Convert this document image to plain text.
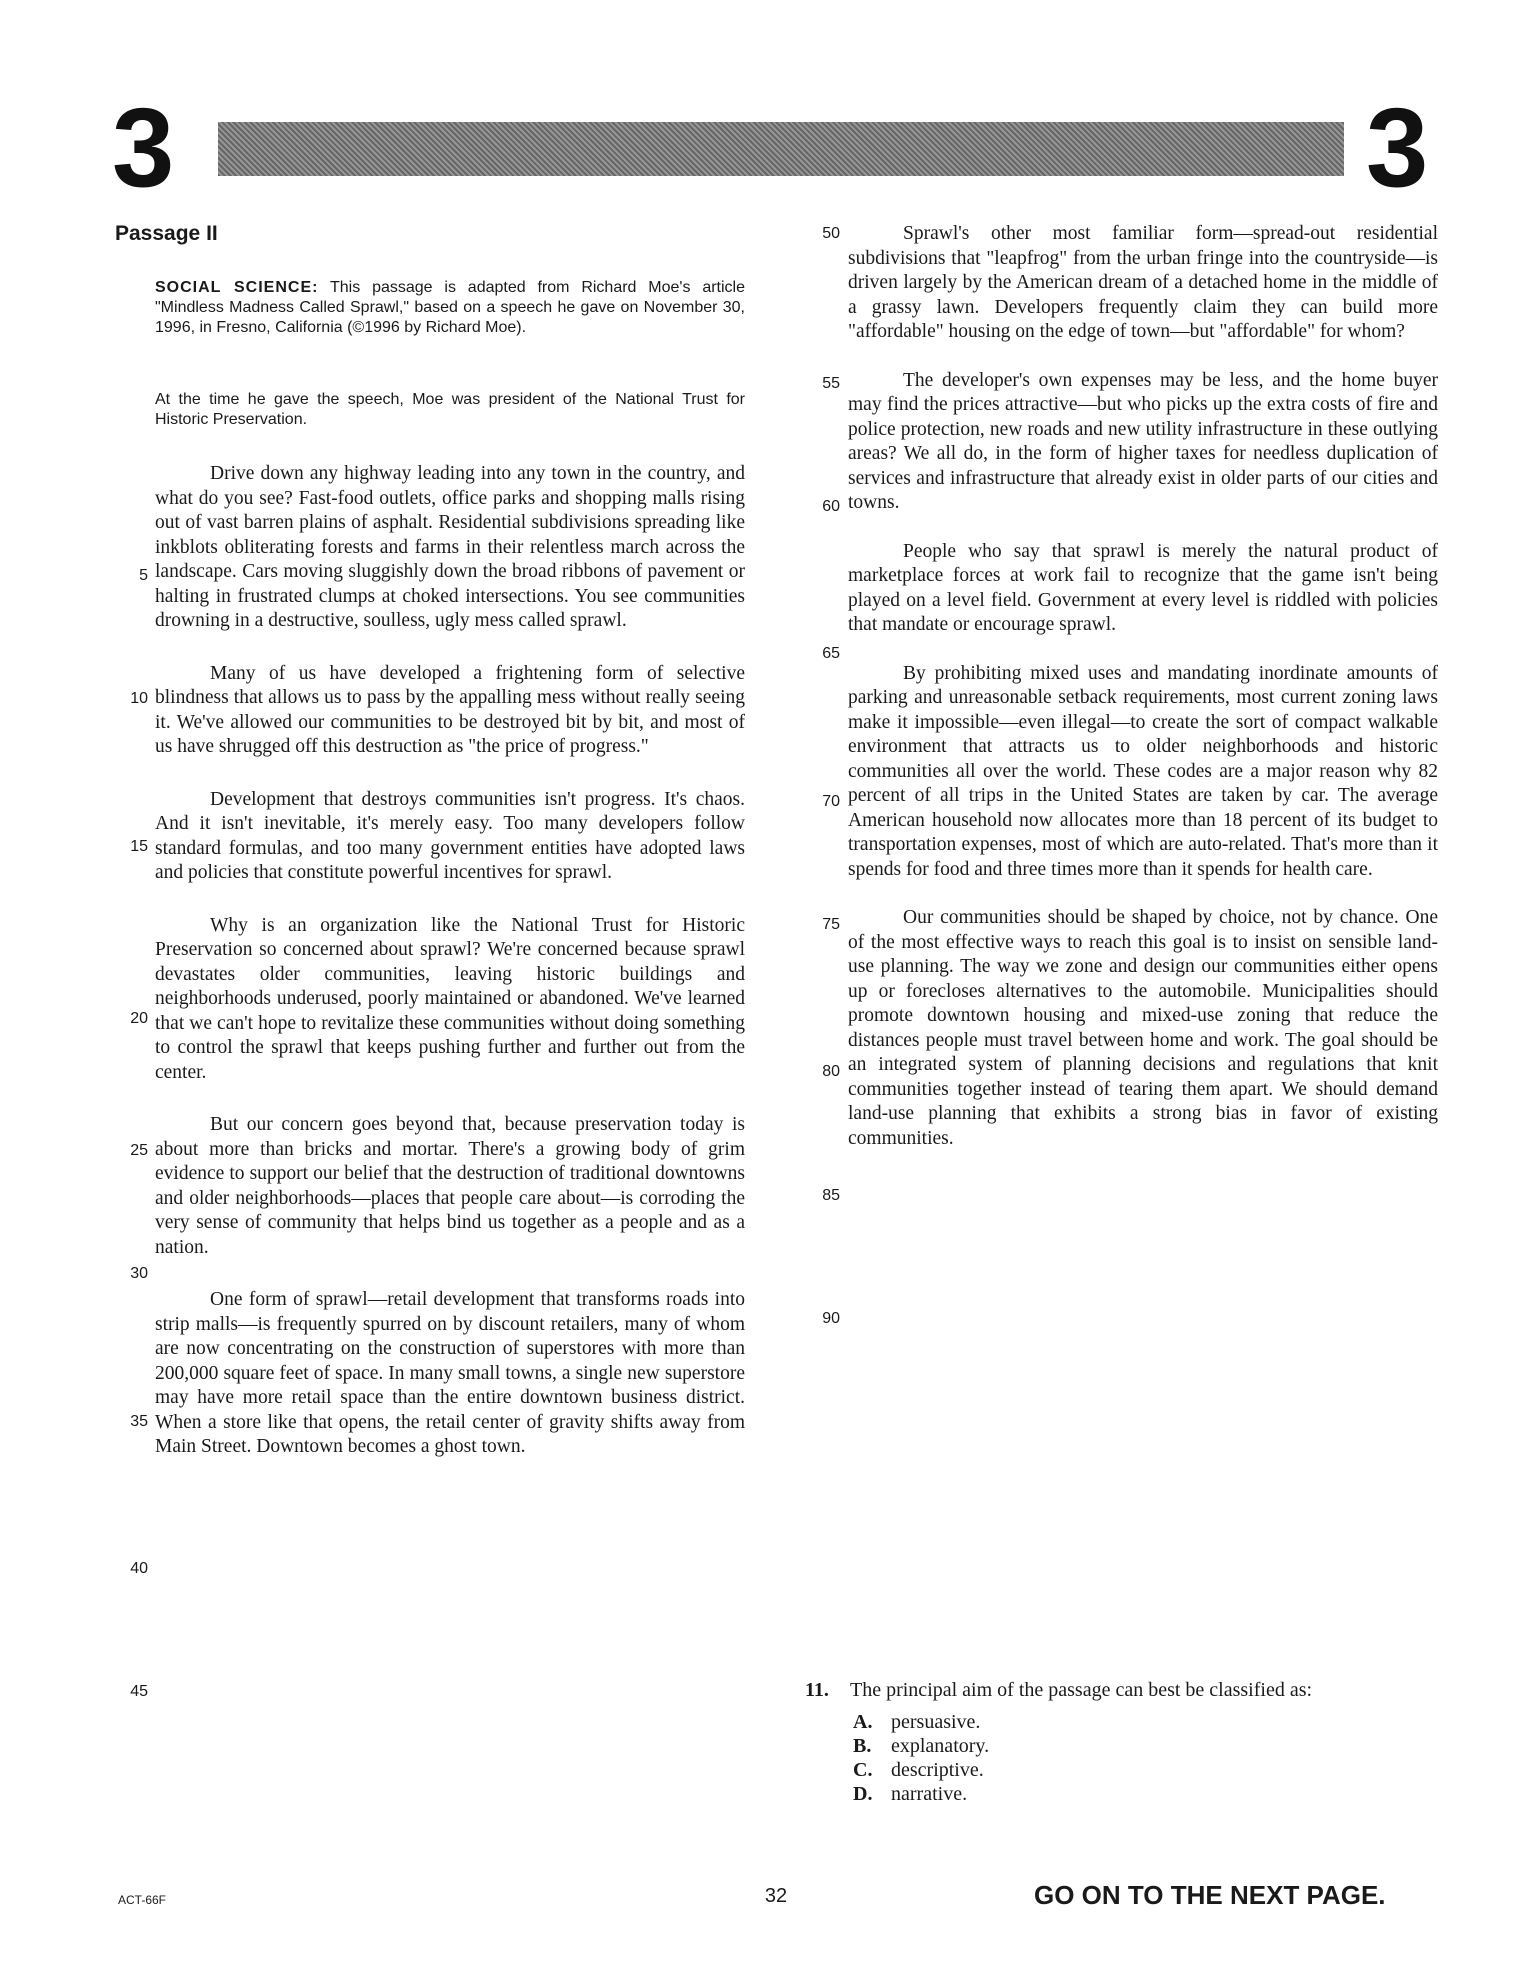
3	3
Passage II
SOCIAL SCIENCE: This passage is adapted from Richard Moe's article "Mindless Madness Called Sprawl," based on a speech he gave on November 30, 1996, in Fresno, California (©1996 by Richard Moe).
At the time he gave the speech, Moe was president of the National Trust for Historic Preservation.

Drive down any highway leading into any town in the country, and what do you see? Fast-food outlets, office parks and shopping malls rising out of vast barren plains of asphalt. Residential subdivisions spreading like inkblots obliterating forests and farms in their relentless march across the landscape. Cars moving sluggishly down the broad ribbons of pavement or halting in frustrated clumps at choked intersections. You see communities drowning in a destructive, soulless, ugly mess called sprawl.

Many of us have developed a frightening form of selective blindness that allows us to pass by the appalling mess without really seeing it. We've allowed our communities to be destroyed bit by bit, and most of us have shrugged off this destruction as "the price of progress."

Development that destroys communities isn't progress. It's chaos. And it isn't inevitable, it's merely easy. Too many developers follow standard formulas, and too many government entities have adopted laws and policies that constitute powerful incentives for sprawl.

Why is an organization like the National Trust for Historic Preservation so concerned about sprawl? We're concerned because sprawl devastates older communities, leaving historic buildings and neighborhoods underused, poorly maintained or abandoned. We've learned that we can't hope to revitalize these communities without doing something to control the sprawl that keeps pushing further and further out from the center.

But our concern goes beyond that, because preservation today is about more than bricks and mortar. There's a growing body of grim evidence to support our belief that the destruction of traditional downtowns and older neighborhoods—places that people care about—is corroding the very sense of community that helps bind us together as a people and as a nation.

One form of sprawl—retail development that transforms roads into strip malls—is frequently spurred on by discount retailers, many of whom are now concentrating on the construction of superstores with more than 200,000 square feet of space. In many small towns, a single new superstore may have more retail space than the entire downtown business district. When a store like that opens, the retail center of gravity shifts away from Main Street. Downtown becomes a ghost town.

Sprawl's other most familiar form—spread-out residential subdivisions that "leapfrog" from the urban fringe into the countryside—is driven largely by the American dream of a detached home in the middle of a grassy lawn. Developers frequently claim they can build more "affordable" housing on the edge of town—but "affordable" for whom?

The developer's own expenses may be less, and the home buyer may find the prices attractive—but who picks up the extra costs of fire and police protection, new roads and new utility infrastructure in these outlying areas? We all do, in the form of higher taxes for needless duplication of services and infrastructure that already exist in older parts of our cities and towns.

People who say that sprawl is merely the natural product of marketplace forces at work fail to recognize that the game isn't being played on a level field. Government at every level is riddled with policies that mandate or encourage sprawl.

By prohibiting mixed uses and mandating inordinate amounts of parking and unreasonable setback requirements, most current zoning laws make it impossible—even illegal—to create the sort of compact walkable environment that attracts us to older neighborhoods and historic communities all over the world. These codes are a major reason why 82 percent of all trips in the United States are taken by car. The average American household now allocates more than 18 percent of its budget to transportation expenses, most of which are auto-related. That's more than it spends for food and three times more than it spends for health care.

Our communities should be shaped by choice, not by chance. One of the most effective ways to reach this goal is to insist on sensible land-use planning. The way we zone and design our communities either opens up or forecloses alternatives to the automobile. Municipalities should promote downtown housing and mixed-use zoning that reduce the distances people must travel between home and work. The goal should be an integrated system of planning decisions and regulations that knit communities together instead of tearing them apart. We should demand land-use planning that exhibits a strong bias in favor of existing communities.

5
10
15
20
25
30
35
40
45
50
55
60
65
70
75
80
85
90
11.	The principal aim of the passage can best be classified as:
A. persuasive.
B. explanatory.
C. descriptive.
D. narrative.
ACT-66F	32	GO ON TO THE NEXT PAGE.
